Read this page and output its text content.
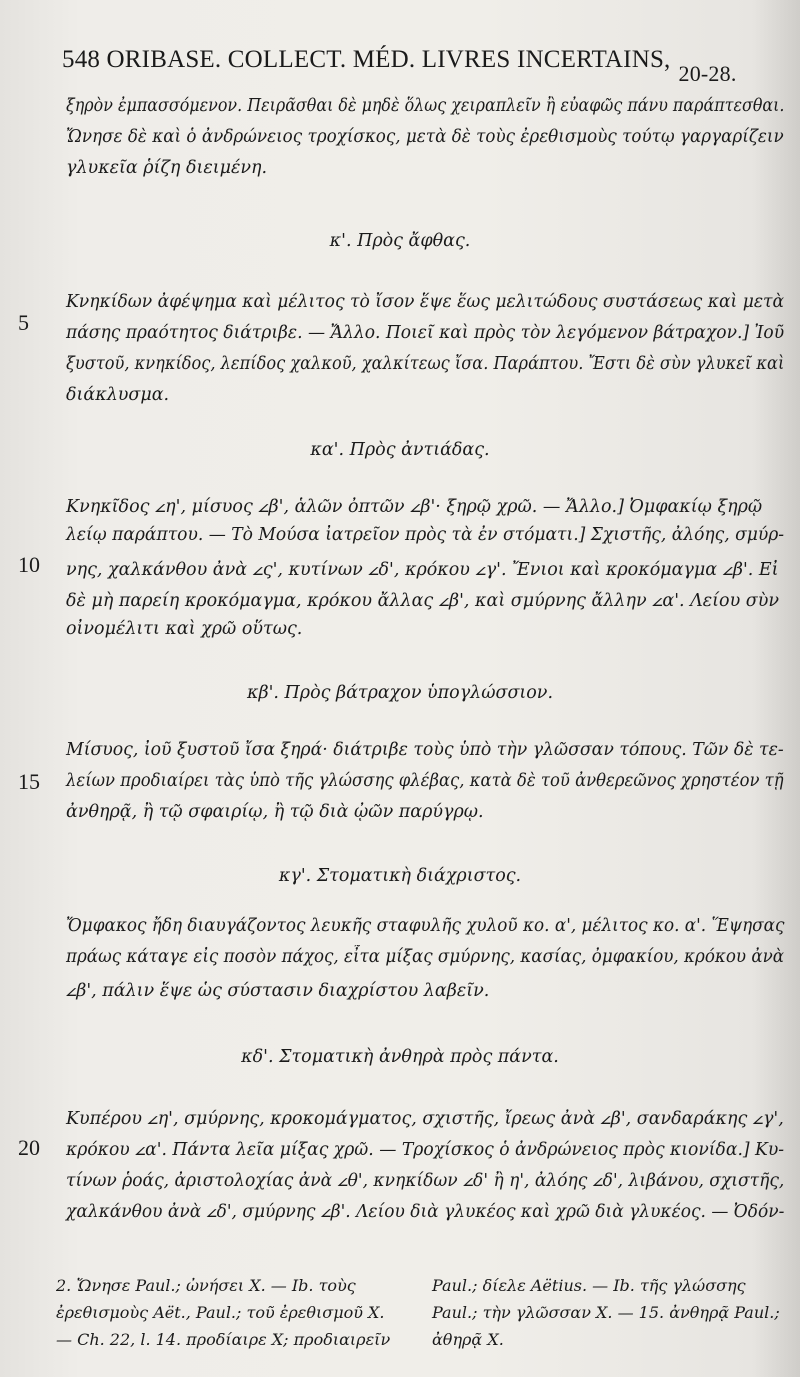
548 ORIBASE. COLLECT. MÉD. LIVRES INCERTAINS,20-28.
ξηρὸν ἐμπασσόμενον. Πειρᾶσθαι δὲ μηδὲ ὅλως χειραπλεῖν ἢ εὐαφῶς πάνυ παράπτεσθαι.
Ὤνησε δὲ καὶ ὁ ἀνδρώνειος τροχίσκος, μετὰ δὲ τοὺς ἐρεθισμοὺς τούτῳ γαργαρίζειν
γλυκεῖα ῥίζη διειμένη.
κ'. Πρὸς ἄφθας.
Κνηκίδων ἀφέψημα καὶ μέλιτος τὸ ἴσον ἕψε ἕως μελιτώδους συστάσεως καὶ μετὰ
πάσης πραότητος διάτριβε. — Ἄλλο. Ποιεῖ καὶ πρὸς τὸν λεγόμενον βάτραχον.] Ἰοῦ
ξυστοῦ, κνηκίδος, λεπίδος χαλκοῦ, χαλκίτεως ἴσα. Παράπτου. Ἔστι δὲ σὺν γλυκεῖ καὶ
διάκλυσμα.
κα'. Πρὸς ἀντιάδας.
Κνηκῖδος 𐅵η', μίσυος 𐅵β', ἁλῶν ὀπτῶν 𐅵β'· ξηρῷ χρῶ. — Ἄλλο.] Ὀμφακίῳ ξηρῷ
λείῳ παράπτου. — Τὸ Μούσα ἰατρεῖον πρὸς τὰ ἐν στόματι.] Σχιστῆς, ἀλόης, σμύρ-
νης, χαλκάνθου ἀνὰ 𐅵ς', κυτίνων 𐅵δ', κρόκου 𐅵γ'. Ἔνιοι καὶ κροκόμαγμα 𐅵β'. Εἰ
δὲ μὴ παρείη κροκόμαγμα, κρόκου ἄλλας 𐅵β', καὶ σμύρνης ἄλλην 𐅵α'. Λείου σὺν
οἰνομέλιτι καὶ χρῶ οὕτως.
κβ'. Πρὸς βάτραχον ὑπογλώσσιον.
Μίσυος, ἰοῦ ξυστοῦ ἴσα ξηρά· διάτριβε τοὺς ὑπὸ τὴν γλῶσσαν τόπους. Τῶν δὲ τε-
λείων προδιαίρει τὰς ὑπὸ τῆς γλώσσης φλέβας, κατὰ δὲ τοῦ ἀνθερεῶνος χρηστέον τῇ
ἀνθηρᾷ, ἢ τῷ σφαιρίῳ, ἢ τῷ διὰ ᾠῶν παρύγρῳ.
κγ'. Στοματικὴ διάχριστος.
Ὄμφακος ἤδη διαυγάζοντος λευκῆς σταφυλῆς χυλοῦ κο. α', μέλιτος κο. α'. Ἕψησας
πράως κάταγε εἰς ποσὸν πάχος, εἶτα μίξας σμύρνης, κασίας, ὀμφακίου, κρόκου ἀνὰ
𐅵β', πάλιν ἕψε ὡς σύστασιν διαχρίστου λαβεῖν.
κδ'. Στοματικὴ ἀνθηρὰ πρὸς πάντα.
Κυπέρου 𐅵η', σμύρνης, κροκομάγματος, σχιστῆς, ἴρεως ἀνὰ 𐅵β', σανδαράκης 𐅵γ',
κρόκου 𐅵α'. Πάντα λεῖα μίξας χρῶ. — Τροχίσκος ὁ ἀνδρώνειος πρὸς κιονίδα.] Κυ-
τίνων ῥοάς, ἀριστολοχίας ἀνὰ 𐅵θ', κνηκίδων 𐅵δ' ἢ η', ἀλόης 𐅵δ', λιβάνου, σχιστῆς,
χαλκάνθου ἀνὰ 𐅵δ', σμύρνης 𐅵β'. Λείου διὰ γλυκέος καὶ χρῶ διὰ γλυκέος. — Ὀδόν-
5
10
15
20
2. Ὤνησε Paul.; ὠνήσει X. — Ib. τοὺς
ἐρεθισμοὺς Aët., Paul.; τοῦ ἐρεθισμοῦ X.
— Ch. 22, l. 14. προδίαιρε X; προδιαιρεῖν
Paul.; δίελε Aëtius. — Ib. τῆς γλώσσης
Paul.; τὴν γλῶσσαν X. — 15. ἀνθηρᾷ Paul.;
ἀθηρᾷ X.
